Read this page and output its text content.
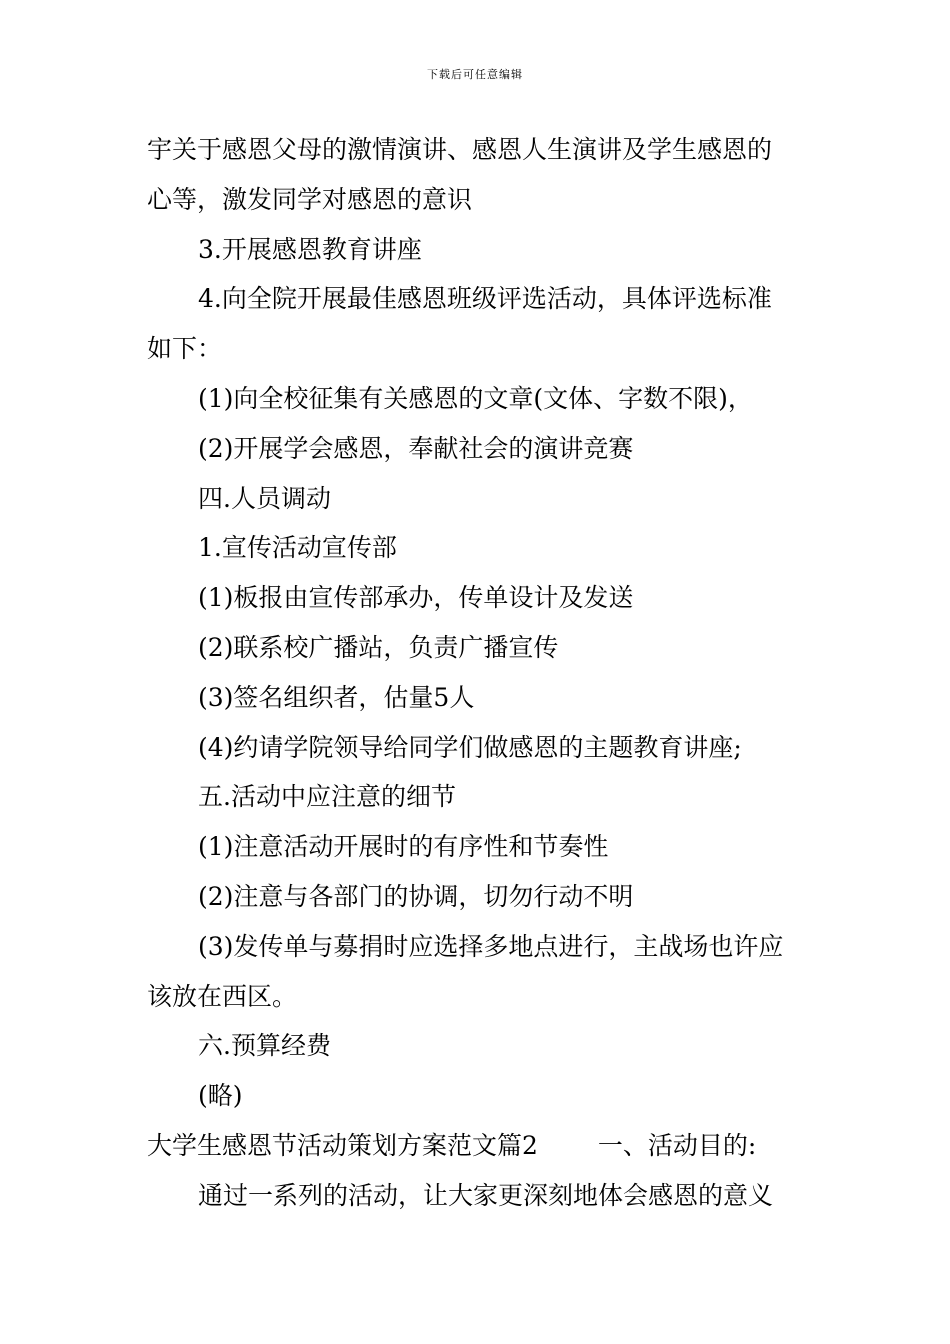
下载后可任意编辑
宇关于感恩父母的激情演讲、感恩人生演讲及学生感恩的
心等，激发同学对感恩的意识
3.开展感恩教育讲座
4.向全院开展最佳感恩班级评选活动，具体评选标准
如下：
(1)向全校征集有关感恩的文章(文体、字数不限)，
(2)开展学会感恩，奉献社会的演讲竞赛
四.人员调动
1.宣传活动宣传部
(1)板报由宣传部承办，传单设计及发送
(2)联系校广播站，负责广播宣传
(3)签名组织者，估量5人
(4)约请学院领导给同学们做感恩的主题教育讲座;
五.活动中应注意的细节
(1)注意活动开展时的有序性和节奏性
(2)注意与各部门的协调，切勿行动不明
(3)发传单与募捐时应选择多地点进行，主战场也许应
该放在西区。
六.预算经费
(略)
大学生感恩节活动策划方案范文篇2 一、活动目的:
通过一系列的活动，让大家更深刻地体会感恩的意义
